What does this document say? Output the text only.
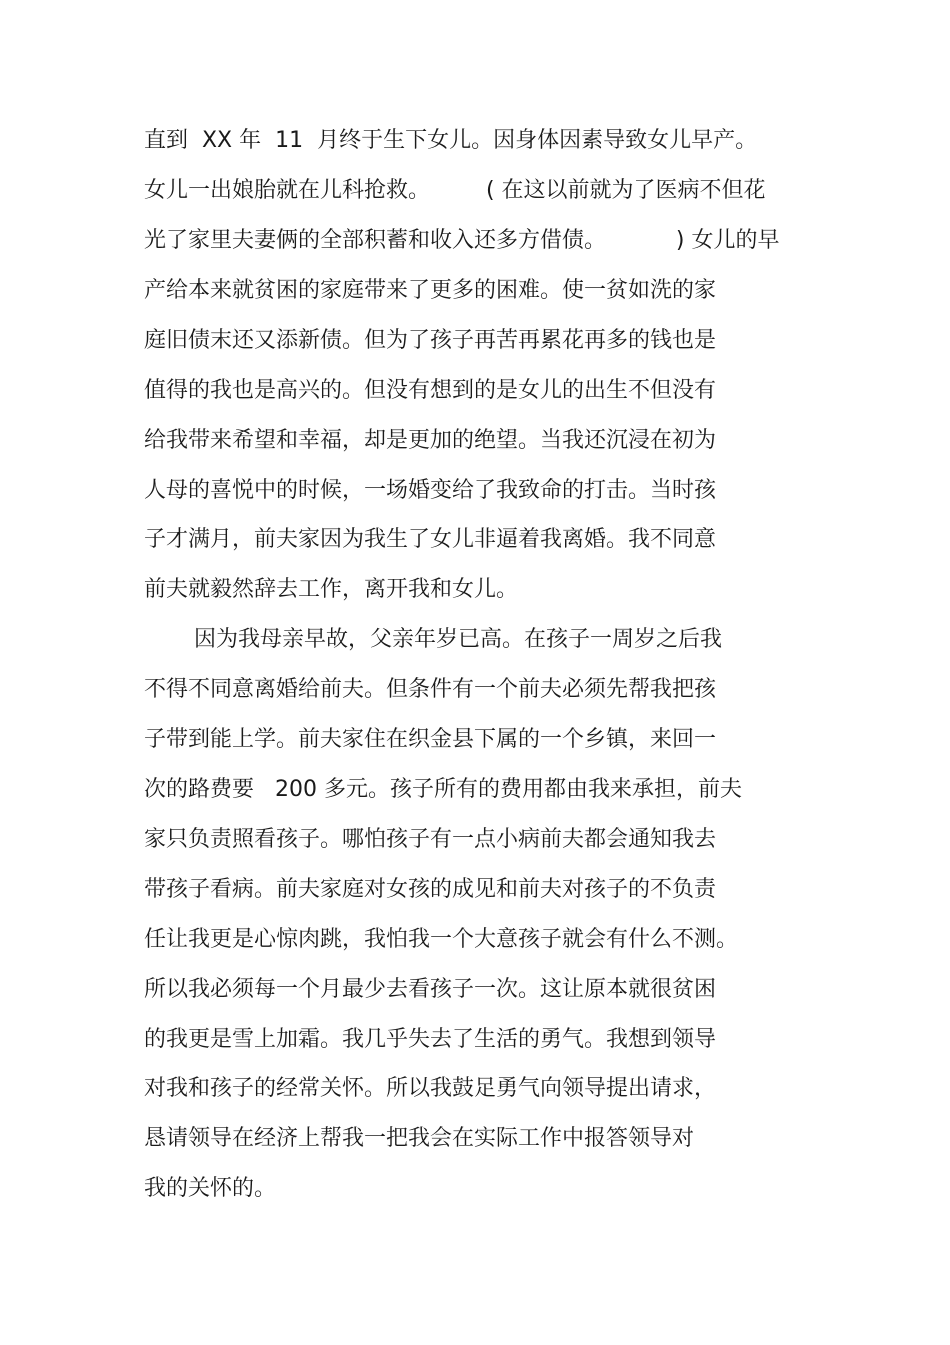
直到  XX 年  11  月终于生下女儿。因身体因素导致女儿早产。
女儿一出娘胎就在儿科抢救。        ( 在这以前就为了医病不但花
光了家里夫妻俩的全部积蓄和收入还多方借债。          ) 女儿的早
产给本来就贫困的家庭带来了更多的困难。使一贫如洗的家
庭旧债末还又添新债。但为了孩子再苦再累花再多的钱也是
值得的我也是高兴的。但没有想到的是女儿的出生不但没有
给我带来希望和幸福，却是更加的绝望。当我还沉浸在初为
人母的喜悦中的时候，一场婚变给了我致命的打击。当时孩
子才满月，前夫家因为我生了女儿非逼着我离婚。我不同意
前夫就毅然辞去工作，离开我和女儿。
因为我母亲早故，父亲年岁已高。在孩子一周岁之后我
不得不同意离婚给前夫。但条件有一个前夫必须先帮我把孩
子带到能上学。前夫家住在织金县下属的一个乡镇，来回一
次的路费要   200 多元。孩子所有的费用都由我来承担，前夫
家只负责照看孩子。哪怕孩子有一点小病前夫都会通知我去
带孩子看病。前夫家庭对女孩的成见和前夫对孩子的不负责
任让我更是心惊肉跳，我怕我一个大意孩子就会有什么不测。
所以我必须每一个月最少去看孩子一次。这让原本就很贫困
的我更是雪上加霜。我几乎失去了生活的勇气。我想到领导
对我和孩子的经常关怀。所以我鼓足勇气向领导提出请求，
恳请领导在经济上帮我一把我会在实际工作中报答领导对
我的关怀的。
